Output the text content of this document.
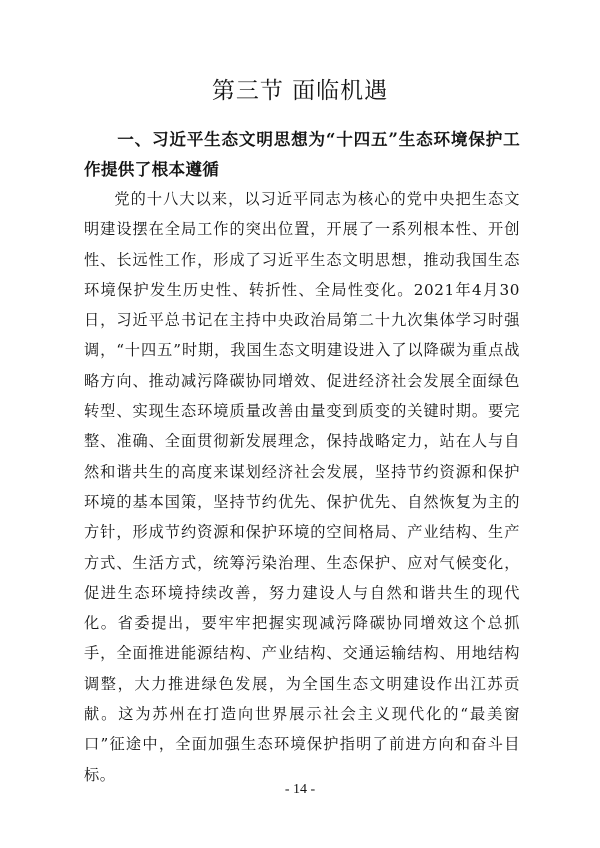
第三节 面临机遇
一、习近平生态文明思想为“十四五”生态环境保护工作提供了根本遵循

党的十八大以来，以习近平同志为核心的党中央把生态文明建设摆在全局工作的突出位置，开展了一系列根本性、开创性、长远性工作，形成了习近平生态文明思想，推动我国生态环境保护发生历史性、转折性、全局性变化。2021年4月30日，习近平总书记在主持中央政治局第二十九次集体学习时强调，“十四五”时期，我国生态文明建设进入了以降碳为重点战略方向、推动减污降碳协同增效、促进经济社会发展全面绿色转型、实现生态环境质量改善由量变到质变的关键时期。要完整、准确、全面贯彻新发展理念，保持战略定力，站在人与自然和谐共生的高度来谋划经济社会发展，坚持节约资源和保护环境的基本国策，坚持节约优先、保护优先、自然恢复为主的方针，形成节约资源和保护环境的空间格局、产业结构、生产方式、生活方式，统筹污染治理、生态保护、应对气候变化，促进生态环境持续改善，努力建设人与自然和谐共生的现代化。省委提出，要牢牢把握实现减污降碳协同增效这个总抓手，全面推进能源结构、产业结构、交通运输结构、用地结构调整，大力推进绿色发展，为全国生态文明建设作出江苏贡献。这为苏州在打造向世界展示社会主义现代化的“最美窗口”征途中，全面加强生态环境保护指明了前进方向和奋斗目标。

- 14 -
